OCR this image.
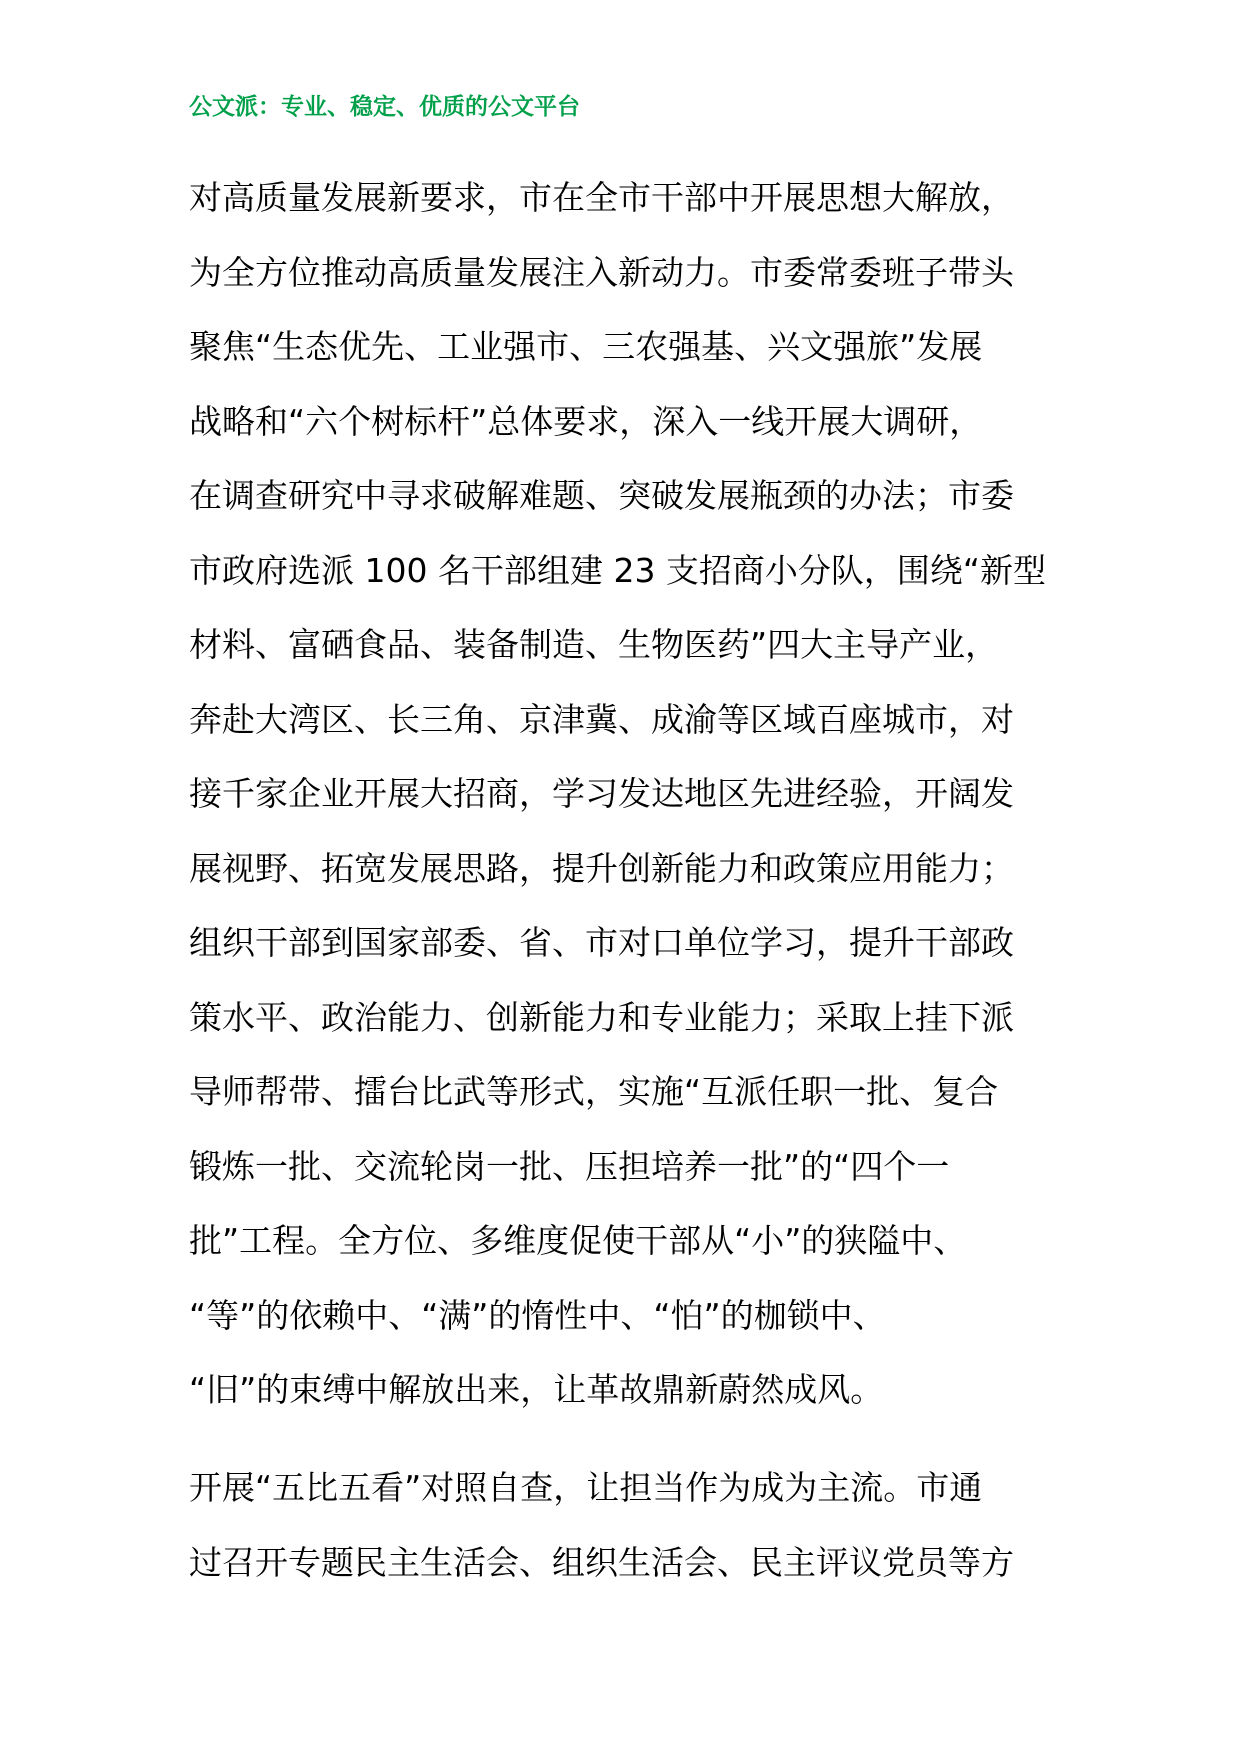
公文派：专业、稳定、优质的公文平台
对高质量发展新要求，市在全市干部中开展思想大解放，
为全方位推动高质量发展注入新动力。市委常委班子带头
聚焦“生态优先、工业强市、三农强基、兴文强旅”发展
战略和“六个树标杆”总体要求，深入一线开展大调研，
在调查研究中寻求破解难题、突破发展瓶颈的办法；市委
市政府选派 100 名干部组建 23 支招商小分队，围绕“新型
材料、富硒食品、装备制造、生物医药”四大主导产业，
奔赴大湾区、长三角、京津冀、成渝等区域百座城市，对
接千家企业开展大招商，学习发达地区先进经验，开阔发
展视野、拓宽发展思路，提升创新能力和政策应用能力；
组织干部到国家部委、省、市对口单位学习，提升干部政
策水平、政治能力、创新能力和专业能力；采取上挂下派
导师帮带、擂台比武等形式，实施“互派任职一批、复合
锻炼一批、交流轮岗一批、压担培养一批”的“四个一
批”工程。全方位、多维度促使干部从“小”的狭隘中、
“等”的依赖中、“满”的惰性中、“怕”的枷锁中、
“旧”的束缚中解放出来，让革故鼎新蔚然成风。
开展“五比五看”对照自查，让担当作为成为主流。市通
过召开专题民主生活会、组织生活会、民主评议党员等方
